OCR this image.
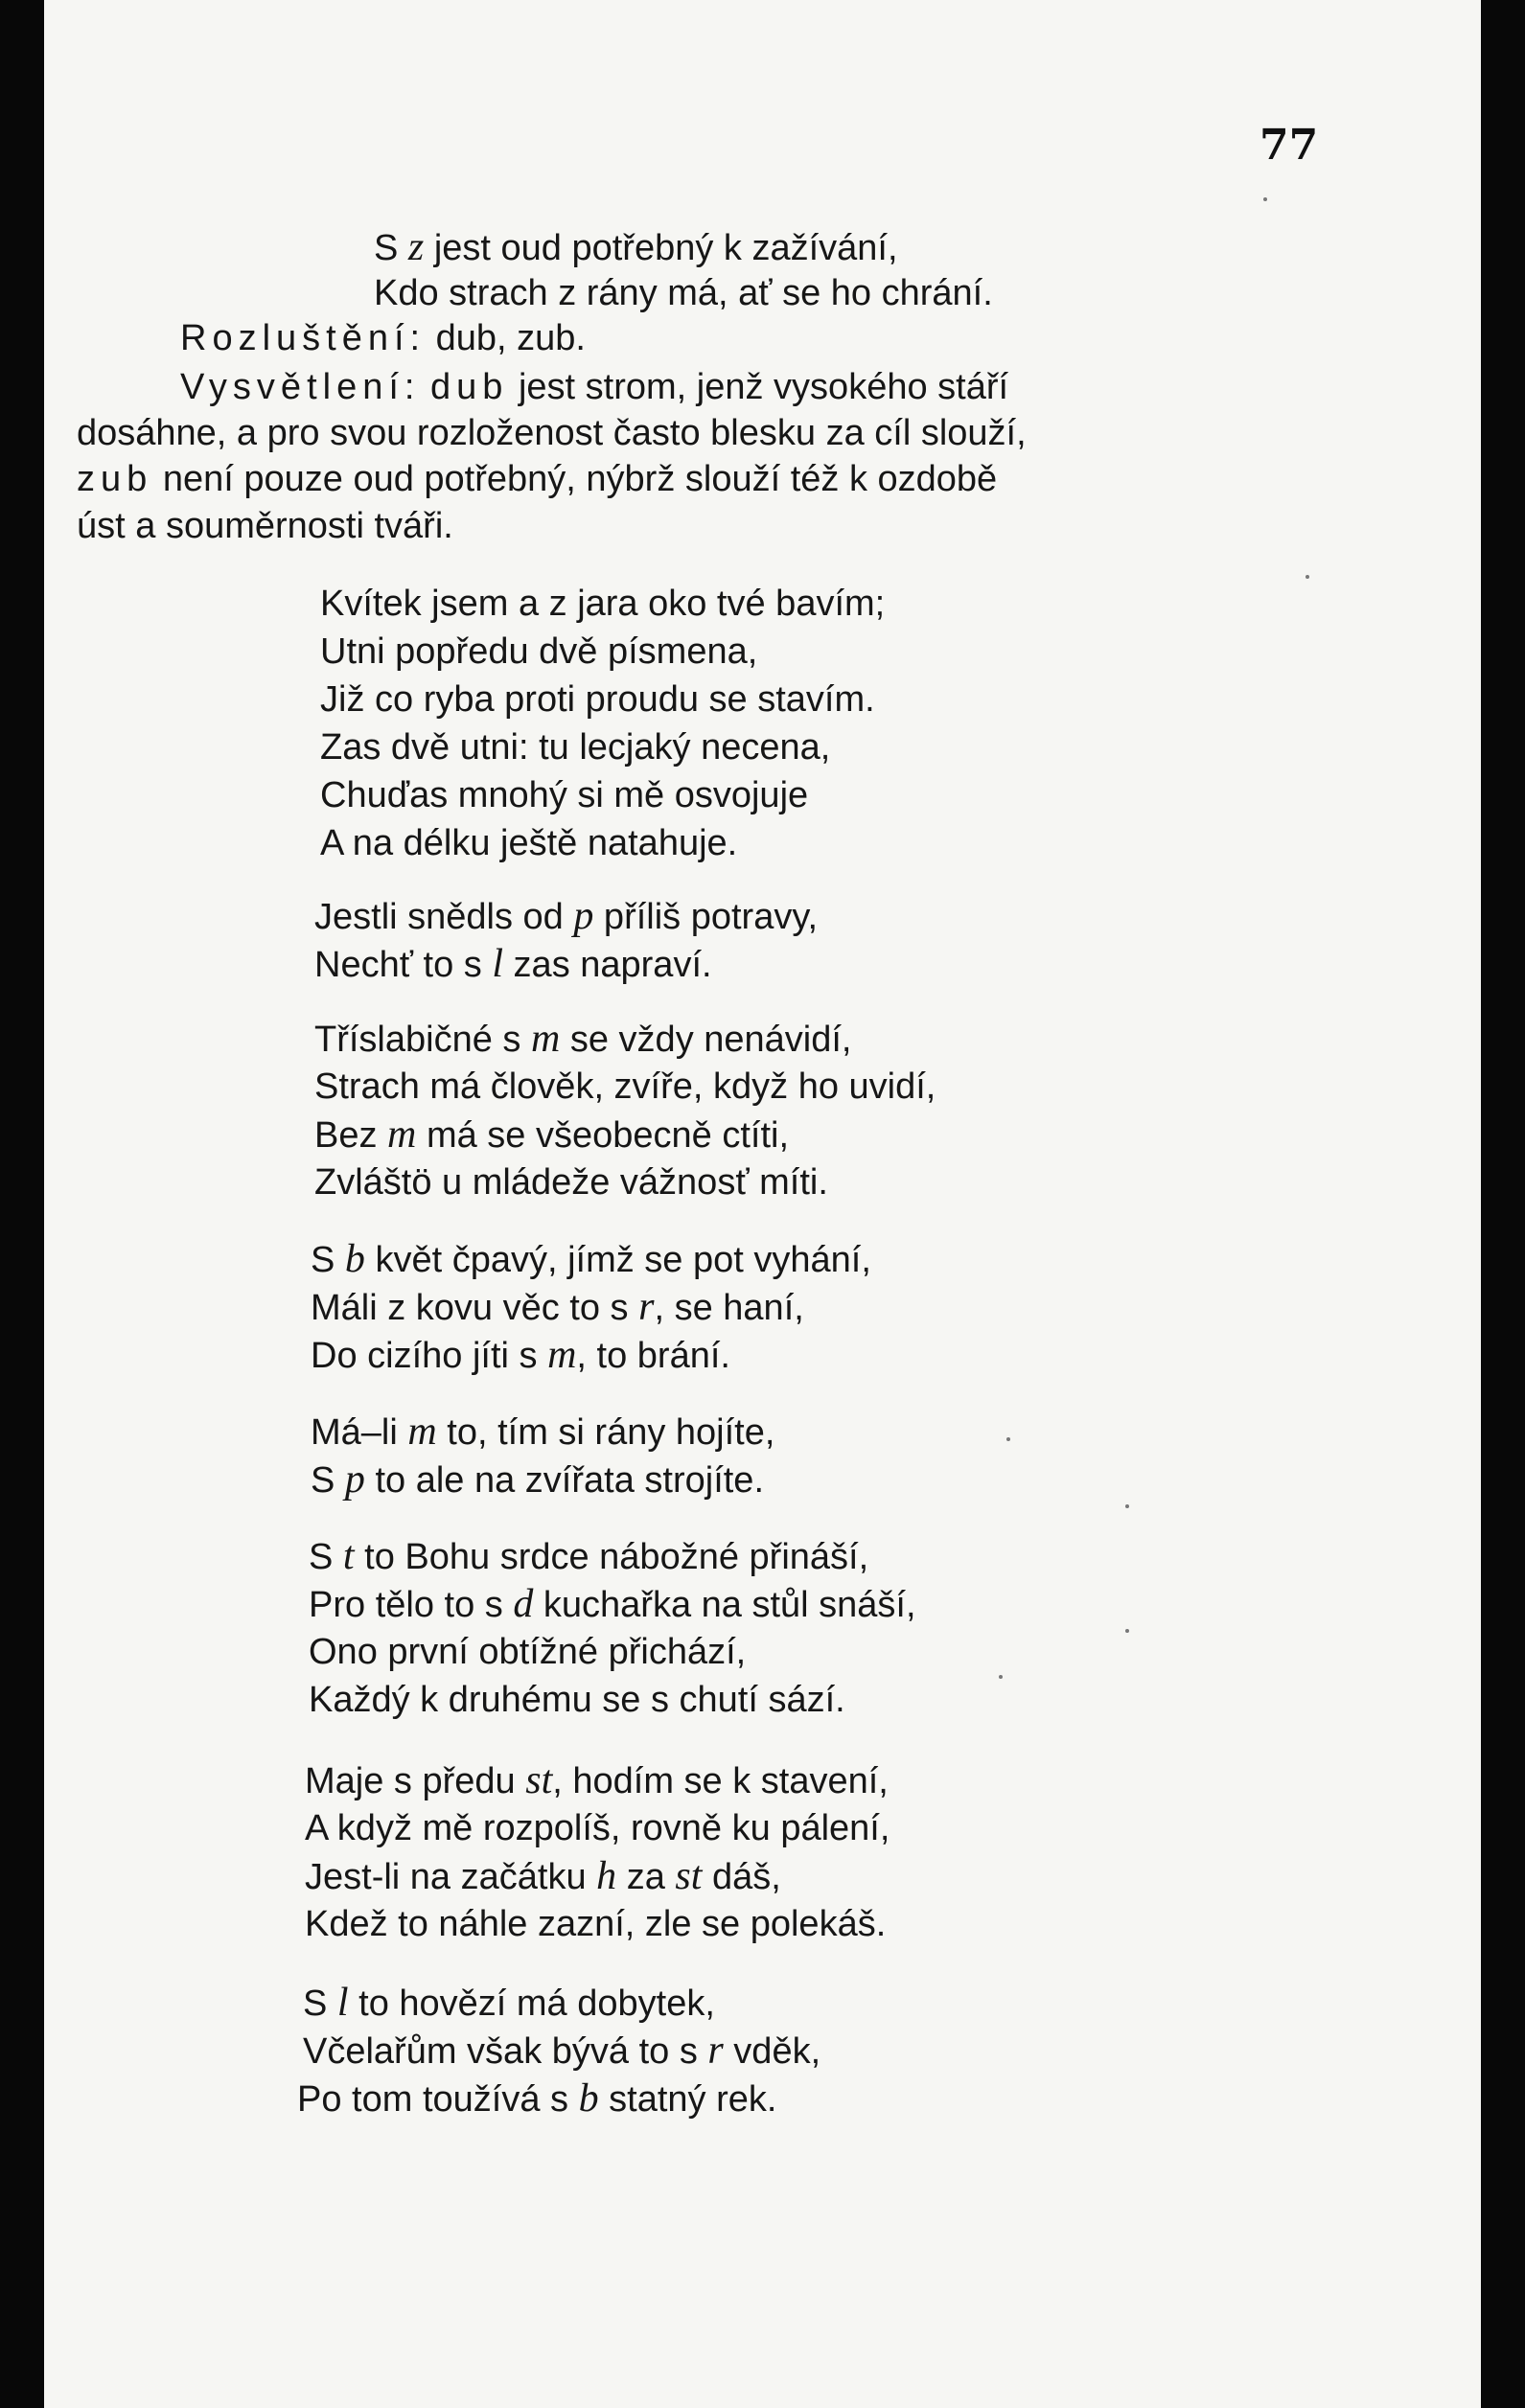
77
S z jest oud potřebný k zažívání,
Kdo strach z rány má, ať se ho chrání.
Rozluštění: dub, zub.
Vysvětlení: dub jest strom, jenž vysokého stáří
dosáhne, a pro svou rozloženost často blesku za cíl slouží,
zub není pouze oud potřebný, nýbrž slouží též k ozdobě
úst a souměrnosti tváři.
Kvítek jsem a z jara oko tvé bavím;
Utni popředu dvě písmena,
Již co ryba proti proudu se stavím.
Zas dvě utni: tu lecjaký necena,
Chuďas mnohý si mě osvojuje
A na délku ještě natahuje.
Jestli snědls od p příliš potravy,
Nechť to s l zas napraví.
Tříslabičné s m se vždy nenávidí,
Strach má člověk, zvíře, když ho uvidí,
Bez m má se všeobecně ctíti,
Zvláštö u mládeže vážnosť míti.
S b květ čpavý, jímž se pot vyhání,
Máli z kovu věc to s r, se haní,
Do cizího jíti s m, to brání.
Má–li m to, tím si rány hojíte,
S p to ale na zvířata strojíte.
S t to Bohu srdce nábožné přináší,
Pro tělo to s d kuchařka na stůl snáší,
Ono první obtížné přichází,
Každý k druhému se s chutí sází.
Maje s předu st, hodím se k stavení,
A když mě rozpolíš, rovně ku pálení,
Jest-li na začátku h za st dáš,
Kdež to náhle zazní, zle se polekáš.
S l to hovězí má dobytek,
Včelařům však bývá to s r vděk,
Po tom toužívá s b statný rek.
